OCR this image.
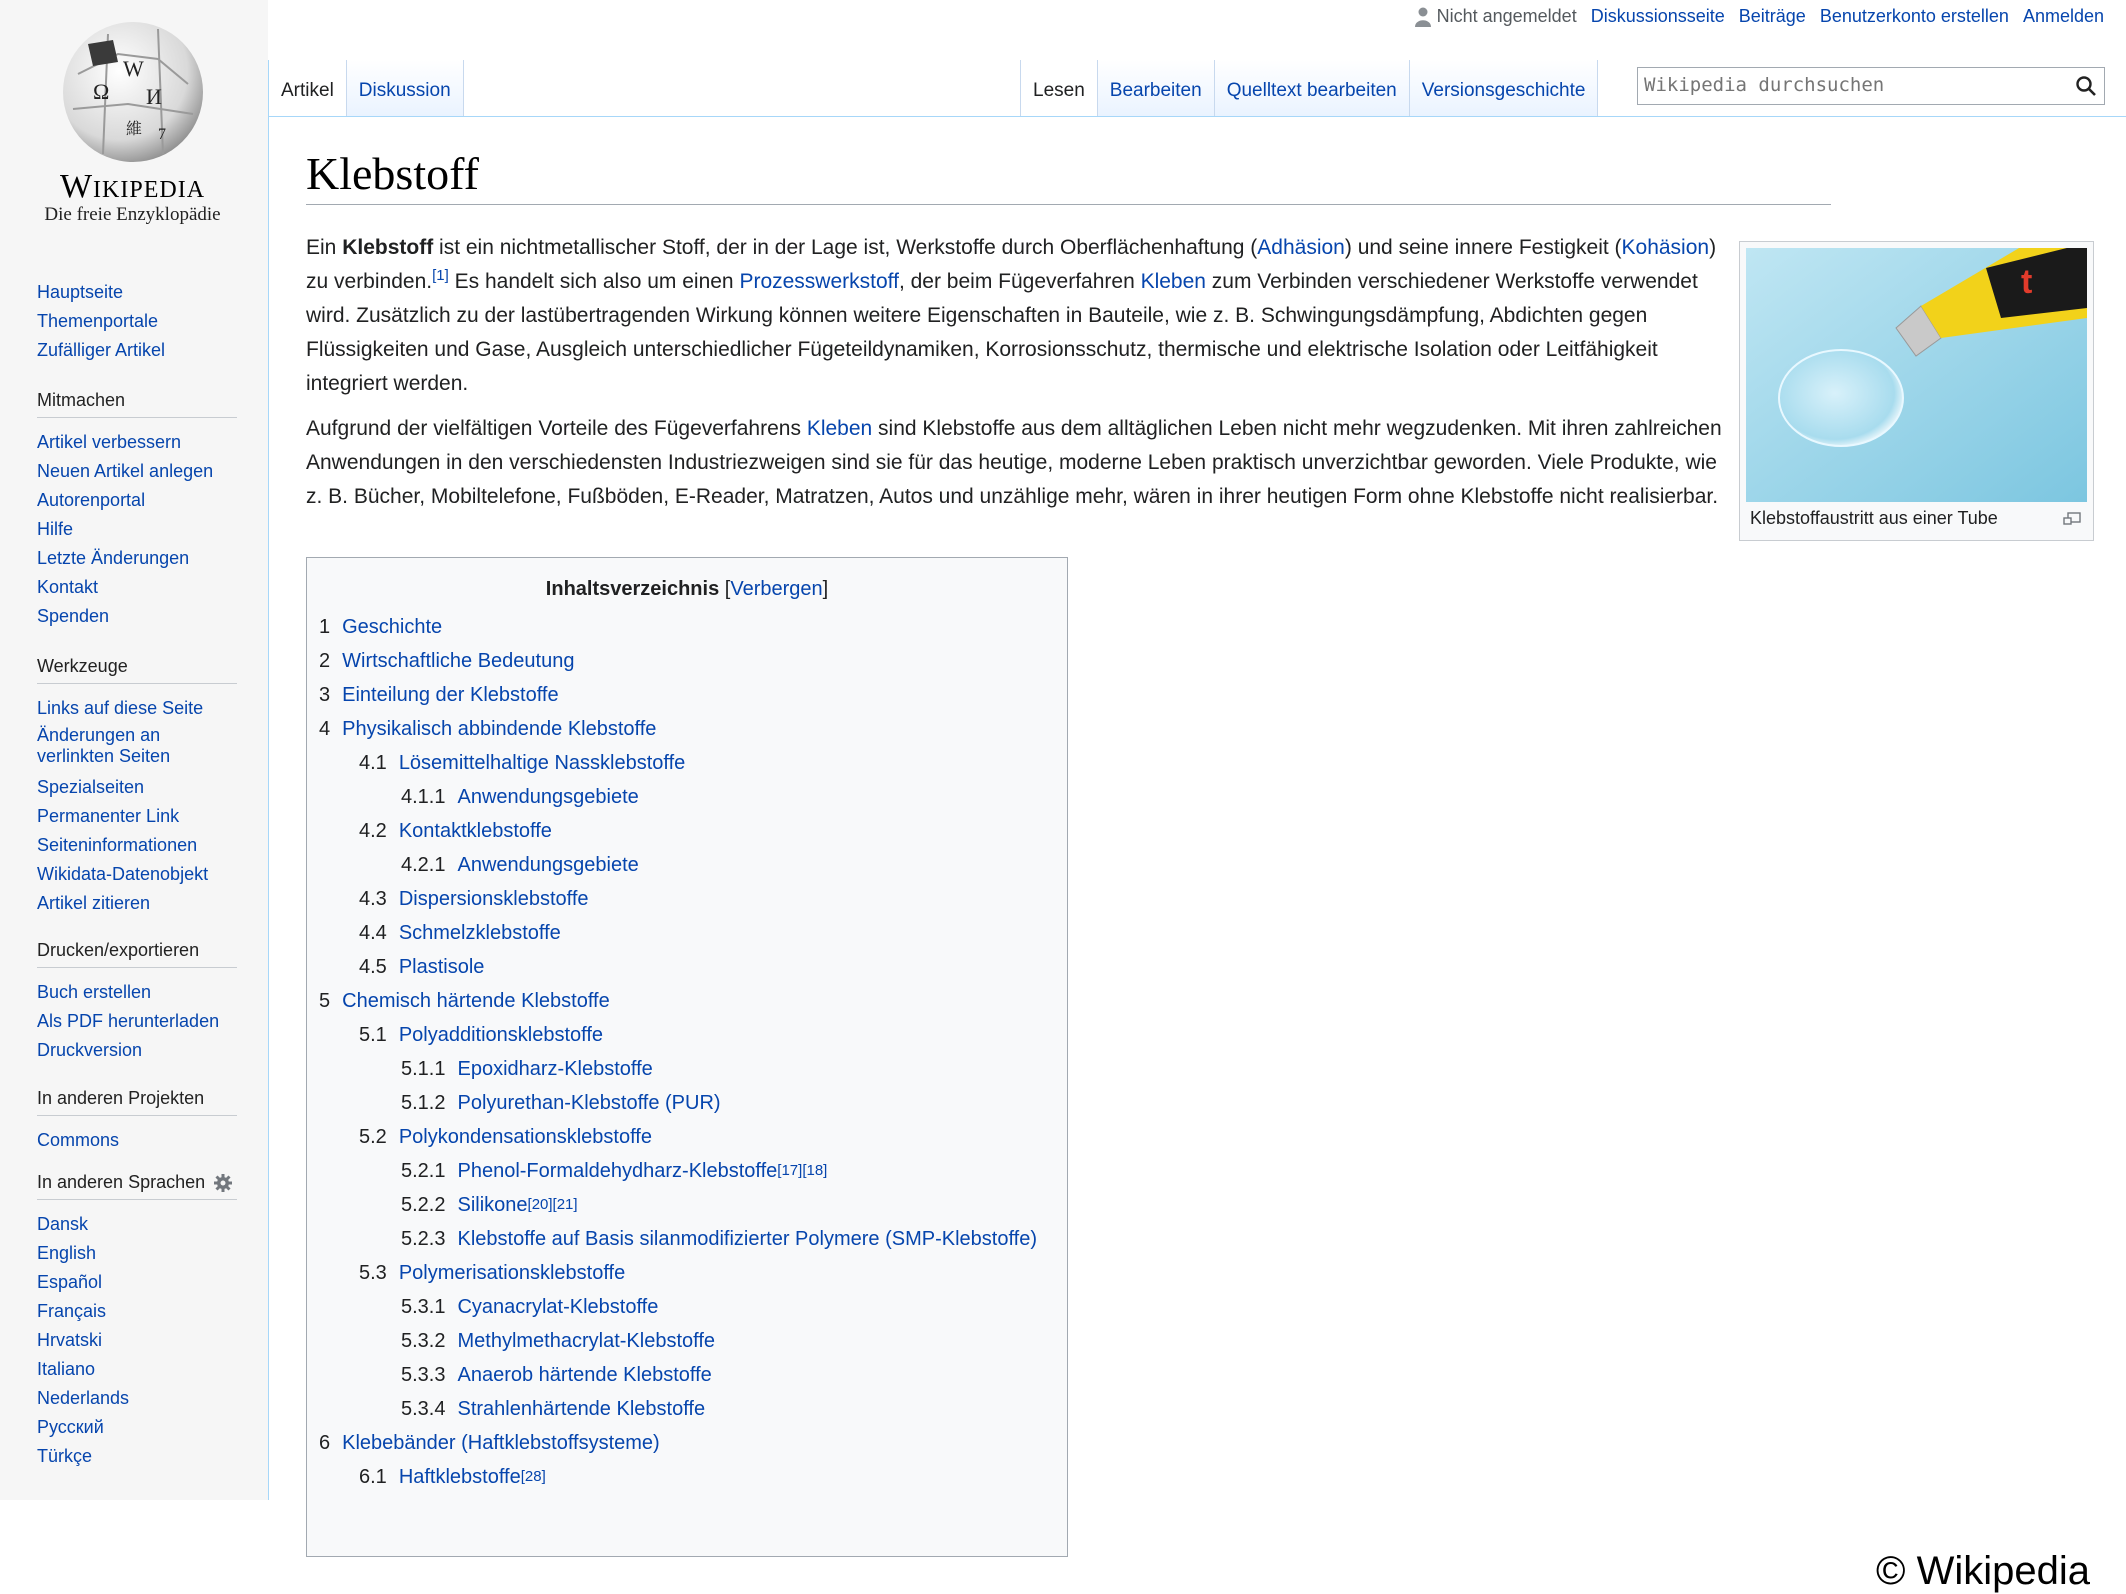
W
Ω И
維 7
Wikipedia
Die freie Enzyklopädie
Hauptseite
Themenportale
Zufälliger Artikel
Mitmachen
Artikel verbessern
Neuen Artikel anlegen
Autorenportal
Hilfe
Letzte Änderungen
Kontakt
Spenden
Werkzeuge
Links auf diese Seite
Änderungen an
verlinkten Seiten
Spezialseiten
Permanenter Link
Seiteninformationen
Wikidata-Datenobjekt
Artikel zitieren
Drucken/exportieren
Buch erstellen
Als PDF herunterladen
Druckversion
In anderen Projekten
Commons
In anderen Sprachen
Dansk
English
Español
Français
Hrvatski
Italiano
Nederlands
Русский
Türkçe
Nicht angemeldet Diskussionsseite Beiträge Benutzerkonto erstellen Anmelden
Artikel	Diskussion	Lesen	Bearbeiten	Quelltext bearbeiten	Versionsgeschichte
Wikipedia durchsuchen
Klebstoff

Ein Klebstoff ist ein nichtmetallischer Stoff, der in der Lage ist, Werkstoffe durch Oberflächenhaftung (Adhäsion) und seine innere Festigkeit (Kohäsion) zu verbinden.[1] Es handelt sich also um einen Prozesswerkstoff, der beim Fügeverfahren Kleben zum Verbinden verschiedener Werkstoffe verwendet wird. Zusätzlich zu der lastübertragenden Wirkung können weitere Eigenschaften in Bauteile, wie z. B. Schwingungsdämpfung, Abdichten gegen Flüssigkeiten und Gase, Ausgleich unterschiedlicher Fügeteildynamiken, Korrosionsschutz, thermische und elektrische Isolation oder Leitfähigkeit integriert werden.

Aufgrund der vielfältigen Vorteile des Fügeverfahrens Kleben sind Klebstoffe aus dem alltäglichen Leben nicht mehr wegzudenken. Mit ihren zahlreichen Anwendungen in den verschiedensten Industriezweigen sind sie für das heutige, moderne Leben praktisch unverzichtbar geworden. Viele Produkte, wie z. B. Bücher, Mobiltelefone, Fußböden, E-Reader, Matratzen, Autos und unzählige mehr, wären in ihrer heutigen Form ohne Klebstoffe nicht realisierbar.

t
Klebstoffaustritt aus einer Tube
Inhaltsverzeichnis [Verbergen]
1 Geschichte
2 Wirtschaftliche Bedeutung
3 Einteilung der Klebstoffe
4 Physikalisch abbindende Klebstoffe
4.1 Lösemittelhaltige Nassklebstoffe
4.1.1 Anwendungsgebiete
4.2 Kontaktklebstoffe
4.2.1 Anwendungsgebiete
4.3 Dispersionsklebstoffe
4.4 Schmelzklebstoffe
4.5 Plastisole
5 Chemisch härtende Klebstoffe
5.1 Polyadditionsklebstoffe
5.1.1 Epoxidharz-Klebstoffe
5.1.2 Polyurethan-Klebstoffe (PUR)
5.2 Polykondensationsklebstoffe
5.2.1 Phenol-Formaldehydharz-Klebstoffe [17][18]
5.2.2 Silikone [20][21]
5.2.3 Klebstoffe auf Basis silanmodifizierter Polymere (SMP-Klebstoffe)
5.3 Polymerisationsklebstoffe
5.3.1 Cyanacrylat-Klebstoffe
5.3.2 Methylmethacrylat-Klebstoffe
5.3.3 Anaerob härtende Klebstoffe
5.3.4 Strahlenhärtende Klebstoffe
6 Klebebänder (Haftklebstoffsysteme)
6.1 Haftklebstoffe [28]
© Wikipedia
